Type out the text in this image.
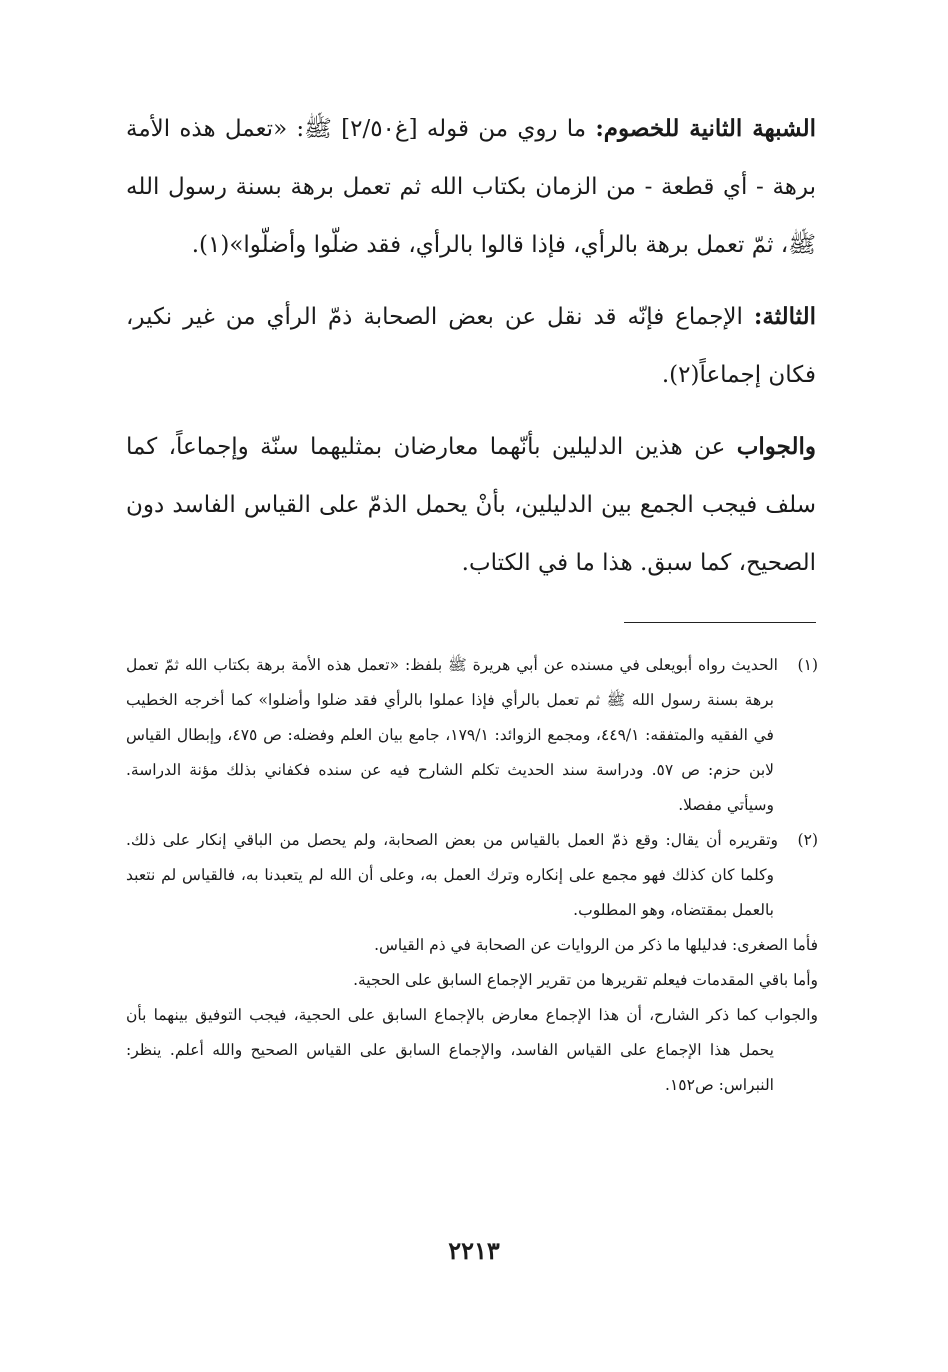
الشبهة الثانية للخصوم: ما روي من قوله [غ٢/٥٠] ﷺ: «تعمل هذه الأمة برهة - أي قطعة - من الزمان بكتاب الله ثم تعمل برهة بسنة رسول الله ﷺ، ثمّ تعمل برهة بالرأي، فإذا قالوا بالرأي، فقد ضلّوا وأضلّوا»(١).

الثالثة: الإجماع فإنّه قد نقل عن بعض الصحابة ذمّ الرأي من غير نكير، فكان إجماعاً(٢).

والجواب عن هذين الدليلين بأنّهما معارضان بمثليهما سنّة وإجماعاً، كما سلف فيجب الجمع بين الدليلين، بأنْ يحمل الذمّ على القياس الفاسد دون الصحيح، كما سبق. هذا ما في الكتاب.

(١)الحديث رواه أبويعلى في مسنده عن أبي هريرة ﷺ بلفظ: «تعمل هذه الأمة برهة بكتاب الله ثمّ تعمل برهة بسنة رسول الله ﷺ ثم تعمل بالرأي فإذا عملوا بالرأي فقد ضلوا وأضلوا» كما أخرجه الخطيب في الفقيه والمتفقه: ٤٤٩/١، ومجمع الزوائد: ١٧٩/١، جامع بيان العلم وفضله: ص ٤٧٥، وإبطال القياس لابن حزم: ص ٥٧. ودراسة سند الحديث تكلم الشارح فيه عن سنده فكفاني بذلك مؤنة الدراسة. وسيأتي مفصلا.

(٢)وتقريره أن يقال: وقع ذمّ العمل بالقياس من بعض الصحابة، ولم يحصل من الباقي إنكار على ذلك. وكلما كان كذلك فهو مجمع على إنكاره وترك العمل به، وعلى أن الله لم يتعبدنا به، فالقياس لم نتعبد بالعمل بمقتضاه، وهو المطلوب.
فأما الصغرى: فدليلها ما ذكر من الروايات عن الصحابة في ذم القياس.
وأما باقي المقدمات فيعلم تقريرها من تقرير الإجماع السابق على الحجية.
والجواب كما ذكر الشارح، أن هذا الإجماع معارض بالإجماع السابق على الحجية، فيجب التوفيق بينهما بأن يحمل هذا الإجماع على القياس الفاسد، والإجماع السابق على القياس الصحيح والله أعلم. ينظر: النبراس: ص١٥٢.

٢٢١٣
